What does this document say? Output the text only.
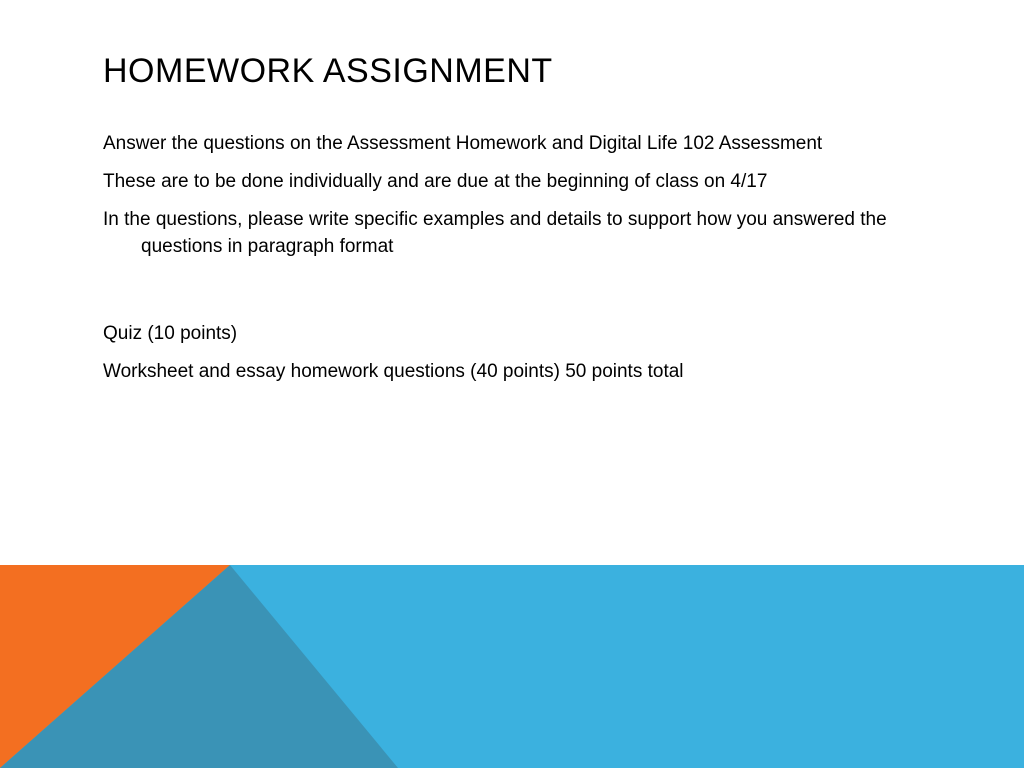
HOMEWORK ASSIGNMENT

Answer the questions on the Assessment Homework and Digital Life 102 Assessment

These are to be done individually and are due at the beginning of class on 4/17

In the questions, please write specific examples and details to support how you answered the questions in paragraph format

Quiz (10 points)

Worksheet and essay homework questions (40 points) 50 points total
